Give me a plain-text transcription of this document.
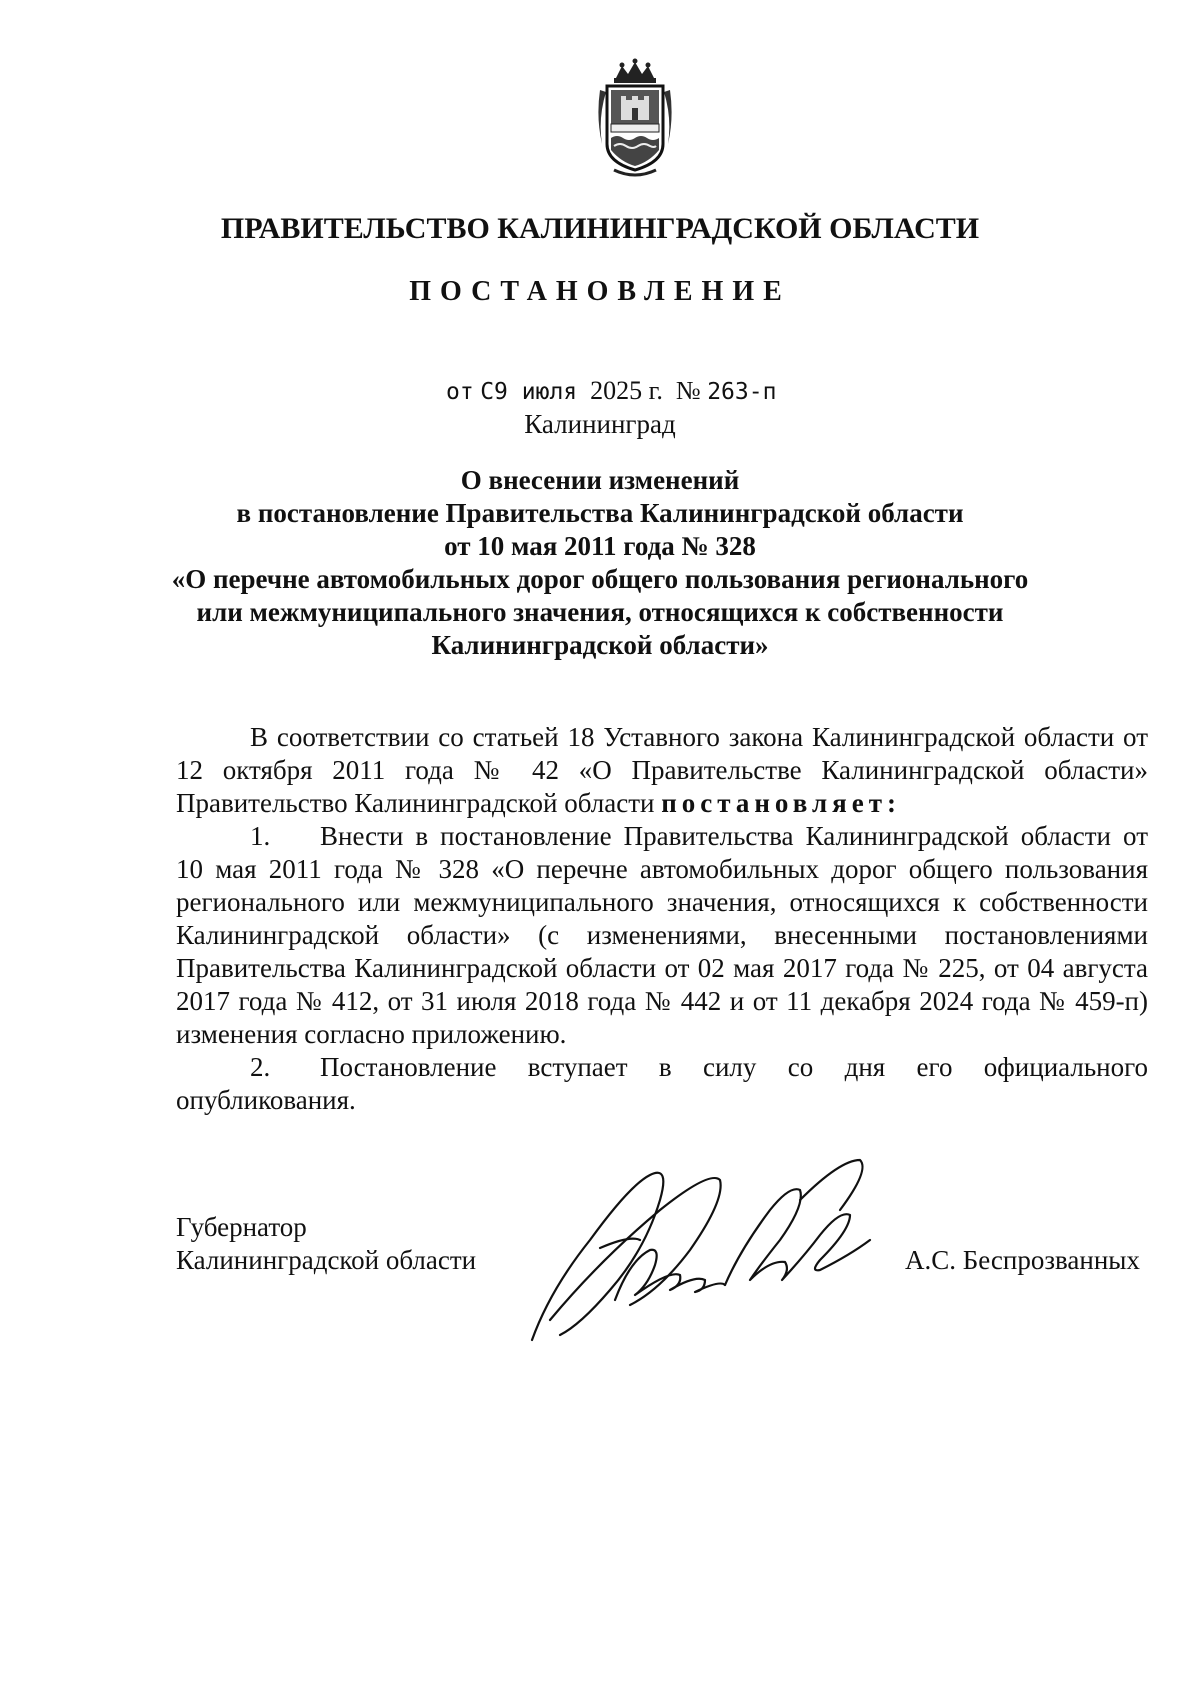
ПРАВИТЕЛЬСТВО КАЛИНИНГРАДСКОЙ ОБЛАСТИ
ПОСТАНОВЛЕНИЕ
от С9 июля 2025 г. № 263-п
Калининград
О внесении изменений
в постановление Правительства Калининградской области
от 10 мая 2011 года № 328
«О перечне автомобильных дорог общего пользования регионального
или межмуниципального значения, относящихся к собственности
Калининградской области»

В соответствии со статьей 18 Уставного закона Калининградской области от 12 октября 2011 года № 42 «О Правительстве Калининградской области» Правительство Калининградской области постановляет:

1. Внести в постановление Правительства Калининградской области от 10 мая 2011 года № 328 «О перечне автомобильных дорог общего пользования регионального или межмуниципального значения, относящихся к собственности Калининградской области» (с изменениями, внесенными постановлениями Правительства Калининградской области от 02 мая 2017 года № 225, от 04 августа 2017 года № 412, от 31 июля 2018 года № 442 и от 11 декабря 2024 года № 459-п) изменения согласно приложению.

2. Постановление вступает в силу со дня его официального опубликования.

Губернатор
Калининградской области	А.С. Беспрозванных
